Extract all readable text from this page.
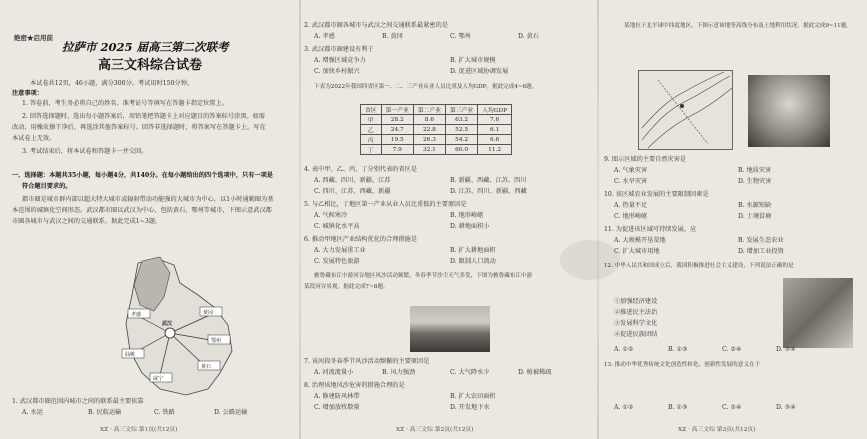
绝密★启用前
拉萨市 2025 届高三第二次联考
高三文科综合试卷
本试卷共12页，46小题，满分300分。考试用时150分钟。
注意事项：
1. 答卷前，考生务必将自己的姓名、准考证号等填写在答题卡指定位置上。
2. 回答选择题时，选出每小题答案后，用铅笔把答题卡上对应题目的答案标号涂黑。如需
改动，用橡皮擦干净后，再选涂其他答案标号。回答非选择题时，将答案写在答题卡上。写在
本试卷上无效。
3. 考试结束后，将本试卷和答题卡一并交回。
一、选择题：本题共35小题，每小题4分，共140分。在每小题给出的四个选项中，只有一项是
符合题目要求的。
都市圈是城市群内部以超大特大城市或辐射带动功能强的大城市为中心，以1小时通勤圈为基
本范围的城镇化空间形态。武汉都市圈以武汉为中心，包括黄石、鄂州等城市，下图示意武汉都
市圈各城市与武汉之间的交通联系。据此完成1~3题。
孝感	黄冈
鄂州
黄石
咸宁
仙桃
武汉
1. 武汉都市圈范围内城市之间的联系最主要依靠
A. 水运	B. 民航运输	C. 铁路	D. 公路运输
XZ · 高三文综 第1页(共12页)
2. 武汉都市圈各城市与武汉之间交通联系最紧密的是
A. 孝感	B. 黄冈	C. 鄂州	D. 黄石
3. 武汉都市圈建设有利于
A. 增强区域竞争力	B. 扩大城市规模
C. 加快乡村振兴	D. 促进区域协调发展
下表为2022年我国四省区第一、二、三产业从业人员比重及人均GDP。据此完成4~6题。
省区	第一产业	第二产业	第三产业	人均GDP
甲	28.2	8.6	63.2	7.6
乙	24.7	22.8	52.5	6.1
丙	19.5	26.3	54.2	6.6
丁	7.9	32.1	60.0	11.2
4. 表中甲、乙、丙、丁分别代表的省区是
A. 西藏、四川、新疆、江苏	B. 新疆、西藏、江苏、四川
C. 四川、江苏、西藏、新疆	D. 江苏、四川、新疆、西藏
5. 与乙相比，丁地区第一产业从业人员比重低的主要原因是
A. 气候寒冷	B. 地形崎岖
C. 城镇化水平高	D. 耕地面积小
6. 推动甲地区产业结构优化的合理措施是
A. 大力发展重工业	B. 扩大耕地面积
C. 发展特色旅游	D. 限制人口流动
雅鲁藏布江中游河谷地区风沙活动频繁，冬春季节沙尘天气多发，下图为雅鲁藏布江中游
某段河谷景观。据此完成7~8题。
7. 该河段冬春季节风沙活动频繁的主要原因是
A. 河流流量小	B. 风力强劲	C. 大气降水少	D. 植被稀疏
8. 治理该地风沙危害的措施合理的是
A. 修建防风林带	B. 扩大农田面积
C. 增加放牧数量	D. 开发地下水
XZ · 高三文综 第2页(共12页)
某地位于北半球中纬度地区，下图示意该地等高线分布及土地利用状况。据此完成9~11题。
9. 图示区域的主要自然灾害是
A. 气象灾害	B. 地质灾害
C. 水旱灾害	D. 生物灾害
10. 该区域农业发展的主要限制因素是
A. 热量不足	B. 水源短缺
C. 地形崎岖	D. 土壤贫瘠
11. 为促进该区域可持续发展，应
A. 大规模开垦荒地	B. 发展生态农业
C. 扩大城市用地	D. 增加工业投资
12. 中华人民共和国成立后，我国积极推进社会主义建设，下列说法正确的是
①加强经济建设
②推进民主法治
③发展科学文化
④促进民族团结
A. ①②	B. ①③	C. ②④	D. ③④
13. 推动中华优秀传统文化创造性转化、创新性发展的意义在于
A. ①②	B. ①③	C. ②④	D. ③④
XZ · 高三文综 第3页(共12页)
